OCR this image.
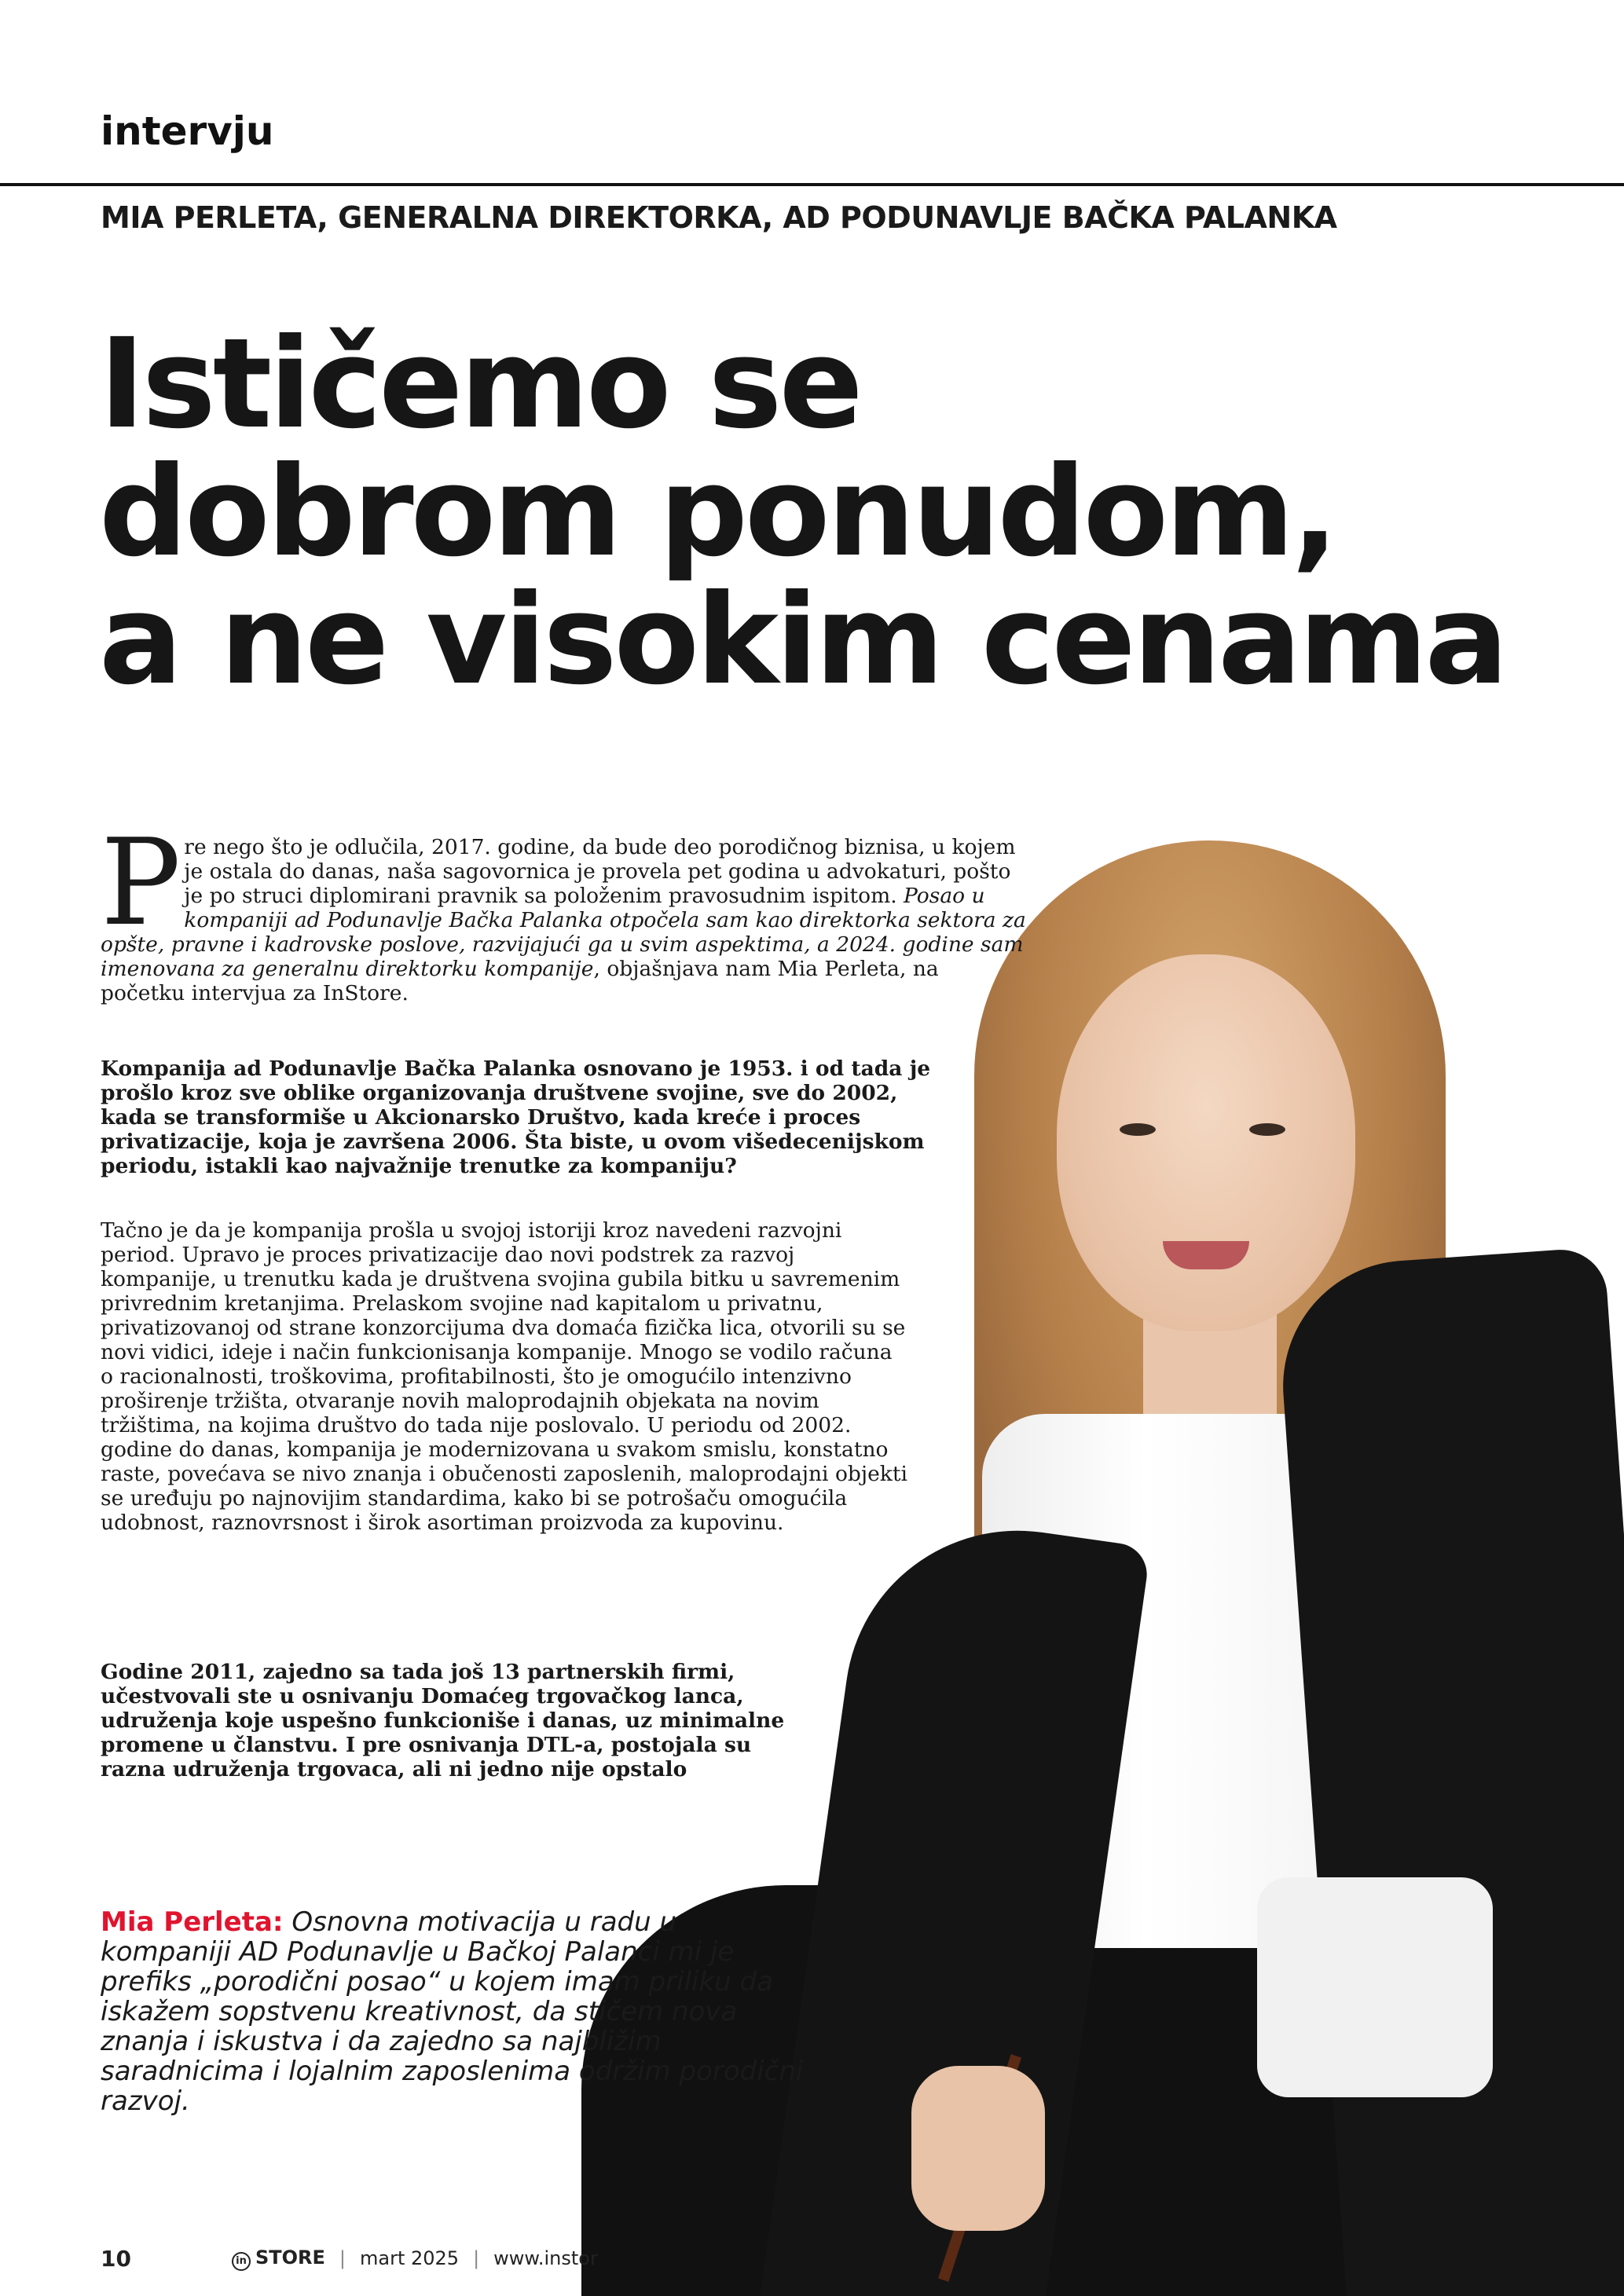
intervju
MIA PERLETA, GENERALNA DIREKTORKA, AD PODUNAVLJE BAČKA PALANKA
Ističemo se
dobrom ponudom,
a ne visokim cenama

Pre nego što je odlučila, 2017. godine, da bude deo porodičnog biznisa, u kojem je ostala do danas, naša sagovornica je provela pet godina u advokaturi, pošto je po struci diplomirani pravnik sa položenim pravosudnim ispitom. Posao u kompaniji ad Podunavlje Bačka Palanka otpočela sam kao direktorka sektora za opšte, pravne i kadrovske poslove, razvijajući ga u svim aspektima, a 2024. godine sam imenovana za generalnu direktorku kompanije, objašnjava nam Mia Perleta, na početku intervjua za InStore.

Kompanija ad Podunavlje Bačka Palanka osnovano je 1953. i od tada je prošlo kroz sve oblike organizovanja društvene svojine, sve do 2002, kada se transformiše u Akcionarsko Društvo, kada kreće i proces privatizacije, koja je završena 2006. Šta biste, u ovom višedecenijskom periodu, istakli kao najvažnije trenutke za kompaniju?

Tačno je da je kompanija prošla u svojoj istoriji kroz navedeni razvojni period. Upravo je proces privatizacije dao novi podstrek za razvoj kompanije, u trenutku kada je društvena svojina gubila bitku u savremenim privrednim kretanjima. Prelaskom svojine nad kapitalom u privatnu, privatizovanoj od strane konzorcijuma dva domaća fizička lica, otvorili su se novi vidici, ideje i način funkcionisanja kompanije. Mnogo se vodilo računa o racionalnosti, troškovima, profitabilnosti, što je omogućilo intenzivno proširenje tržišta, otvaranje novih maloprodajnih objekata na novim tržištima, na kojima društvo do tada nije poslovalo. U periodu od 2002. godine do danas, kompanija je modernizovana u svakom smislu, konstatno raste, povećava se nivo znanja i obučenosti zaposlenih, maloprodajni objekti se uređuju po najnovijim standardima, kako bi se potrošaču omogućila udobnost, raznovrsnost i širok asortiman proizvoda za kupovinu.

Godine 2011, zajedno sa tada još 13 partnerskih firmi, učestvovali ste u osnivanju Domaćeg trgovačkog lanca, udruženja koje uspešno funkcioniše i danas, uz minimalne promene u članstvu. I pre osnivanja DTL-a, postojala su razna udruženja trgovaca, ali ni jedno nije opstalo

Mia Perleta: Osnovna motivacija u radu u kompaniji AD Podunavlje u Bačkoj Palanci mi je prefiks „porodični posao“ u kojem imam priliku da iskažem sopstvenu kreativnost, da stičem nova znanja i iskustva i da zajedno sa najbližim saradnicima i lojalnim zaposlenima održim porodični razvoj.

10	in STORE | mart 2025 | www.instor
